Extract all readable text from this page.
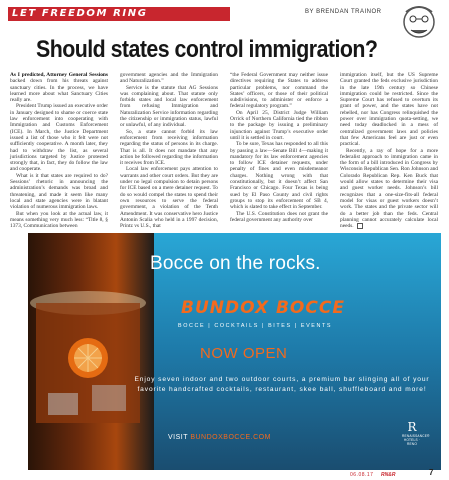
LET FREEDOM RING	BY BRENDAN TRAINOR
Should states control immigration?

As I predicted, Attorney General Sessions backed down from his threats against sanctuary cities. In the process, we have learned more about what Sanctuary Cities really are.

President Trump issued an executive order in January designed to shame or coerce state law enforcement into cooperating with Immigration and Customs Enforcement (ICE). In March, the Justice Department issued a list of those who it felt were not sufficiently cooperative. A month later, they had to withdraw the list, as several jurisdictions targeted by Justice protested strongly that, in fact, they do follow the law and cooperate.

What is it that states are required to do? Sessions’ rhetoric in announcing the administration’s demands was broad and threatening, and made it seem like many local and state agencies were in blatant violation of numerous immigration laws.

But when you look at the actual law, it means something very much less: “Title 8, § 1373, Communication between

government agencies and the Immigration and Naturalization.”

Service is the statute that AG Sessions was complaining about. That statute only forbids states and local law enforcement from refusing Immigration and Naturalization Service information regarding the citizenship or immigration status, lawful or unlawful, of any individual.

So, a state cannot forbid its law enforcement from receiving information regarding the status of persons in its charge. That is all. It does not mandate that any action be followed regarding the information it receives from ICE.

Local law enforcement pays attention to warrants and other court orders. But they are under no legal compulsion to detain persons for ICE based on a mere detainer request. To do so would compel the states to spend their own resources to serve the federal government, a violation of the Tenth Amendment. It was conservative hero Justice Antonin Scalia who held in a 1997 decision, Printz vs U.S., that

“the Federal Government may neither issue directives requiring the States to address particular problems, nor command the States’ officers, or those of their political subdivisions, to administer or enforce a federal regulatory program.”

On April 25, District Judge William Orrick of Northern California tied the ribbon to the package by issuing a preliminary injunction against Trump’s executive order until it is settled in court.

To be sure, Texas has responded to all this by passing a law—Senate Bill 4—making it mandatory for its law enforcement agencies to follow ICE detainer requests, under penalty of fines and even misdemeanor charges. Nothing wrong with that constitutionally, but it doesn’t affect San Francisco or Chicago. Four Texas is being sued by El Paso County and civil rights groups to stop its enforcement of SB 4, which is slated to take effect in September.

The U.S. Constitution does not grant the federal government any authority over

immigration itself, but the US Supreme Court granted the feds exclusive jurisdiction in the late 19th century so Chinese immigration could be restricted. Since the Supreme Court has refused to overturn its grant of power, and the states have not rebelled, nor has Congress relinquished the power over immigration quota-setting, we need today deadlocked in a mess of centralized government laws and policies that few Americans feel are just or even practical.

Recently, a ray of hope for a more federalist approach to immigration came in the form of a bill introduced in Congress by Wisconsin Republican Sen. Ron Johnson and Colorado Republican Rep. Ken Buck that would allow states to determine their visa and guest worker needs. Johnson’s bill recognizes that a one-size-fits-all federal model for visas or guest workers doesn’t work. The states and the private sector will do a better job than the feds. Central planning cannot accurately calculate local needs.

Bocce on the rocks.
BUNDOX BOCCE
BOCCE | COCKTAILS | BITES | EVENTS
NOW OPEN
Enjoy seven indoor and two outdoor courts, a premium bar slinging all of your favorite handcrafted cocktails, restaurant, skee ball, shuffleboard and more!
VISIT BUNDOXBOCCE.COM
R
RENAISSANCE®
HOTELS · RENO
06.08.17 RN&R	7
